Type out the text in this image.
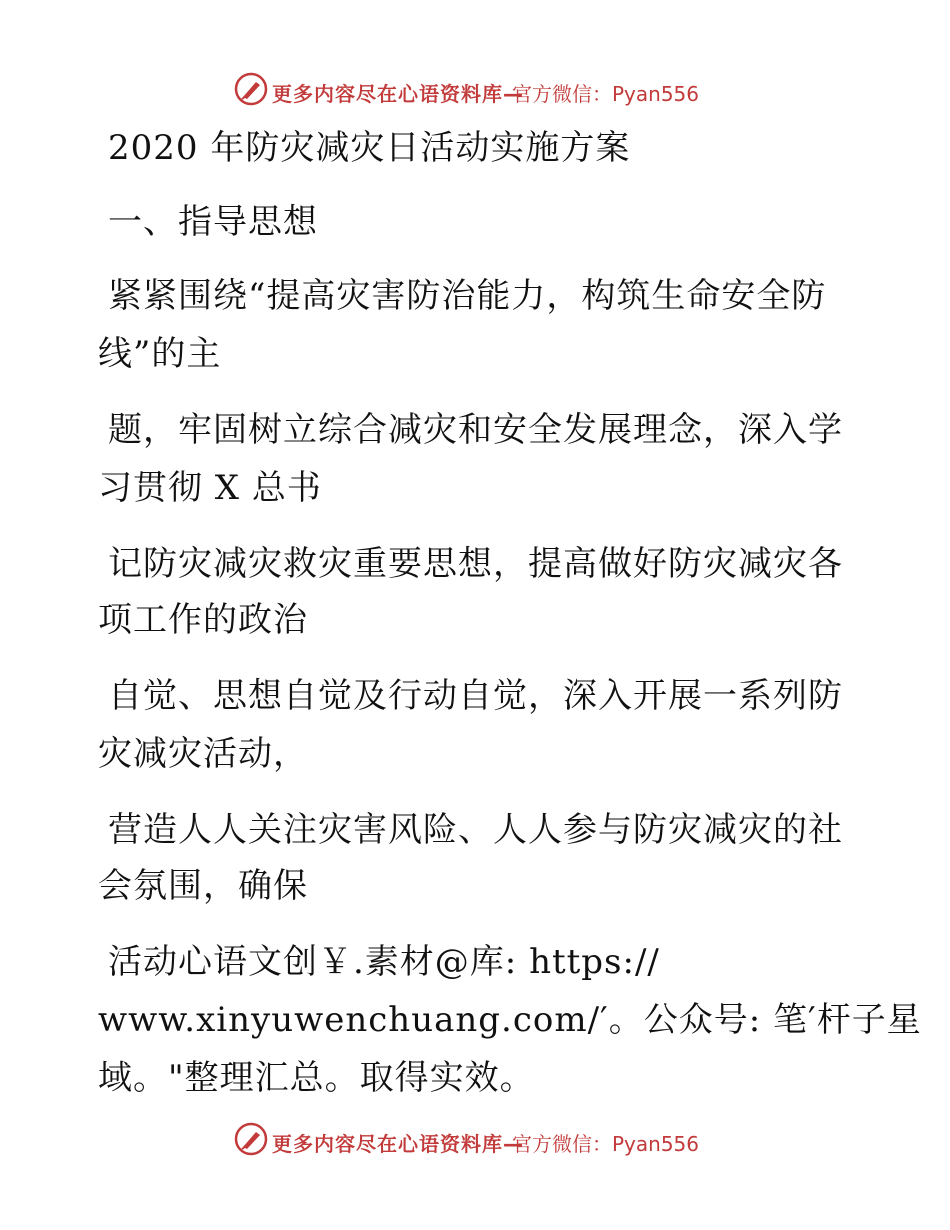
更多内容尽在心语资料库—
官方微信：Pyan556
2020 年防灾减灾日活动实施方案
一、指导思想
紧紧围绕“提高灾害防治能力，构筑生命安全防
线”的主
题，牢固树立综合减灾和安全发展理念，深入学
习贯彻 X 总书
记防灾减灾救灾重要思想，提高做好防灾减灾各
项工作的政治
自觉、思想自觉及行动自觉，深入开展一系列防
灾减灾活动，
营造人人关注灾害风险、人人参与防灾减灾的社
会氛围，确保
活动心语文创￥.素材@库: https://
www.xinyuwenchuang.com/′。公众号: 笔′杆子星
域。"整理汇总。取得实效。
更多内容尽在心语资料库—
官方微信：Pyan556
